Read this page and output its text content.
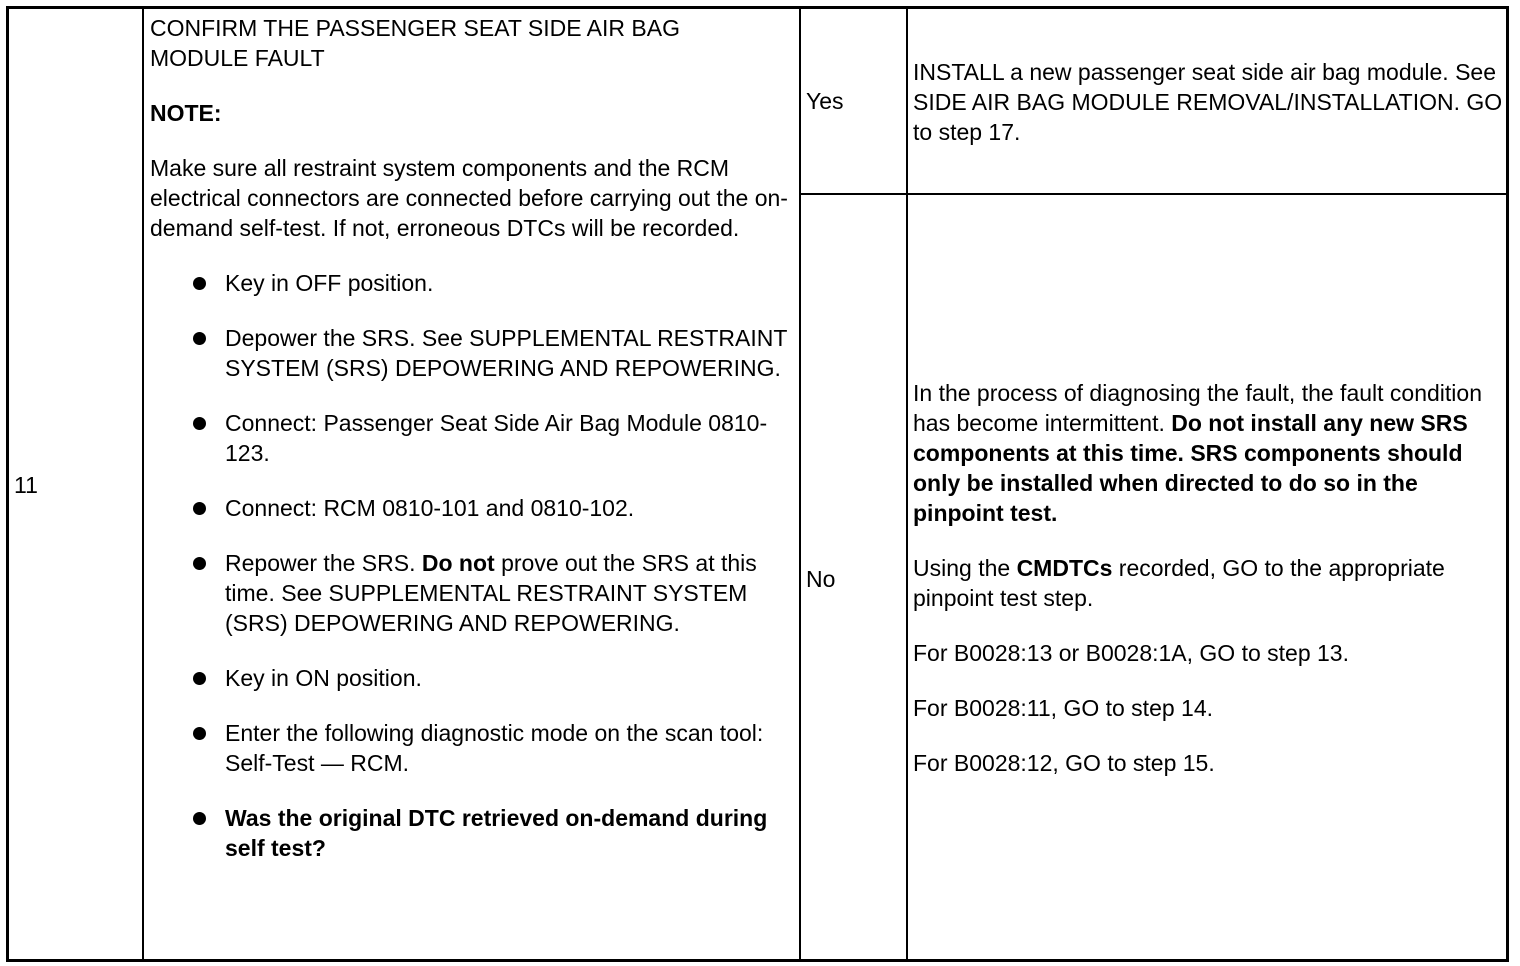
11

CONFIRM THE PASSENGER SEAT SIDE AIR BAG

MODULE FAULT

NOTE:

Make sure all restraint system components and the RCM electrical connectors are connected before carrying out the on-demand self-test. If not, erroneous DTCs will be recorded.

Key in OFF position.
Depower the SRS. See SUPPLEMENTAL RESTRAINT SYSTEM (SRS) DEPOWERING AND REPOWERING.
Connect: Passenger Seat Side Air Bag Module 0810-123.
Connect: RCM 0810-101 and 0810-102.
Repower the SRS. Do not prove out the SRS at this time. See SUPPLEMENTAL RESTRAINT SYSTEM (SRS) DEPOWERING AND REPOWERING.
Key in ON position.
Enter the following diagnostic mode on the scan tool: Self-Test — RCM.
Was the original DTC retrieved on-demand during self test?
Yes
No
INSTALL a new passenger seat side air bag module. See SIDE AIR BAG MODULE REMOVAL/INSTALLATION. GO to step 17.

In the process of diagnosing the fault, the fault condition has become intermittent. Do not install any new SRS components at this time. SRS components should only be installed when directed to do so in the pinpoint test.

Using the CMDTCs recorded, GO to the appropriate pinpoint test step.

For B0028:13 or B0028:1A, GO to step 13.

For B0028:11, GO to step 14.

For B0028:12, GO to step 15.
